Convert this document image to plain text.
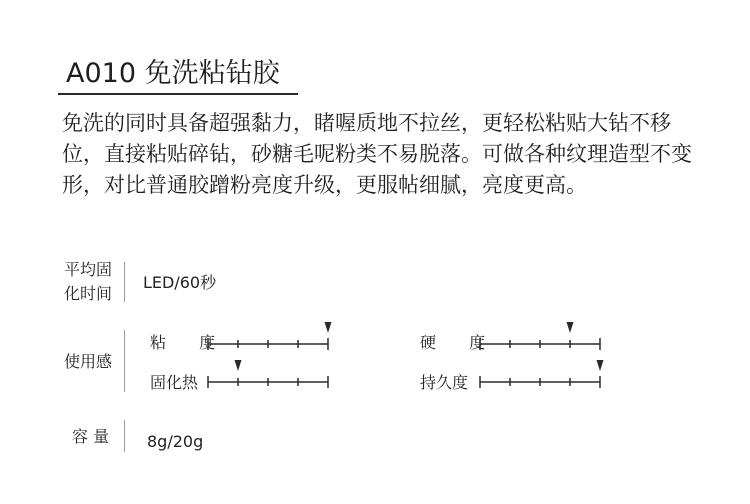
A010 免洗粘钻胶
免洗的同时具备超强黏力，睹喔质地不拉丝，更轻松粘贴大钻不移位，直接粘贴碎钻，砂糖毛呢粉类不易脱落。可做各种纹理造型不变形，对比普通胶蹭粉亮度升级，更服帖细腻，亮度更高。
平均固
化时间
LED/60秒
使用感
粘 度	硬 度
固化热	持久度
容 量 8g/20g
